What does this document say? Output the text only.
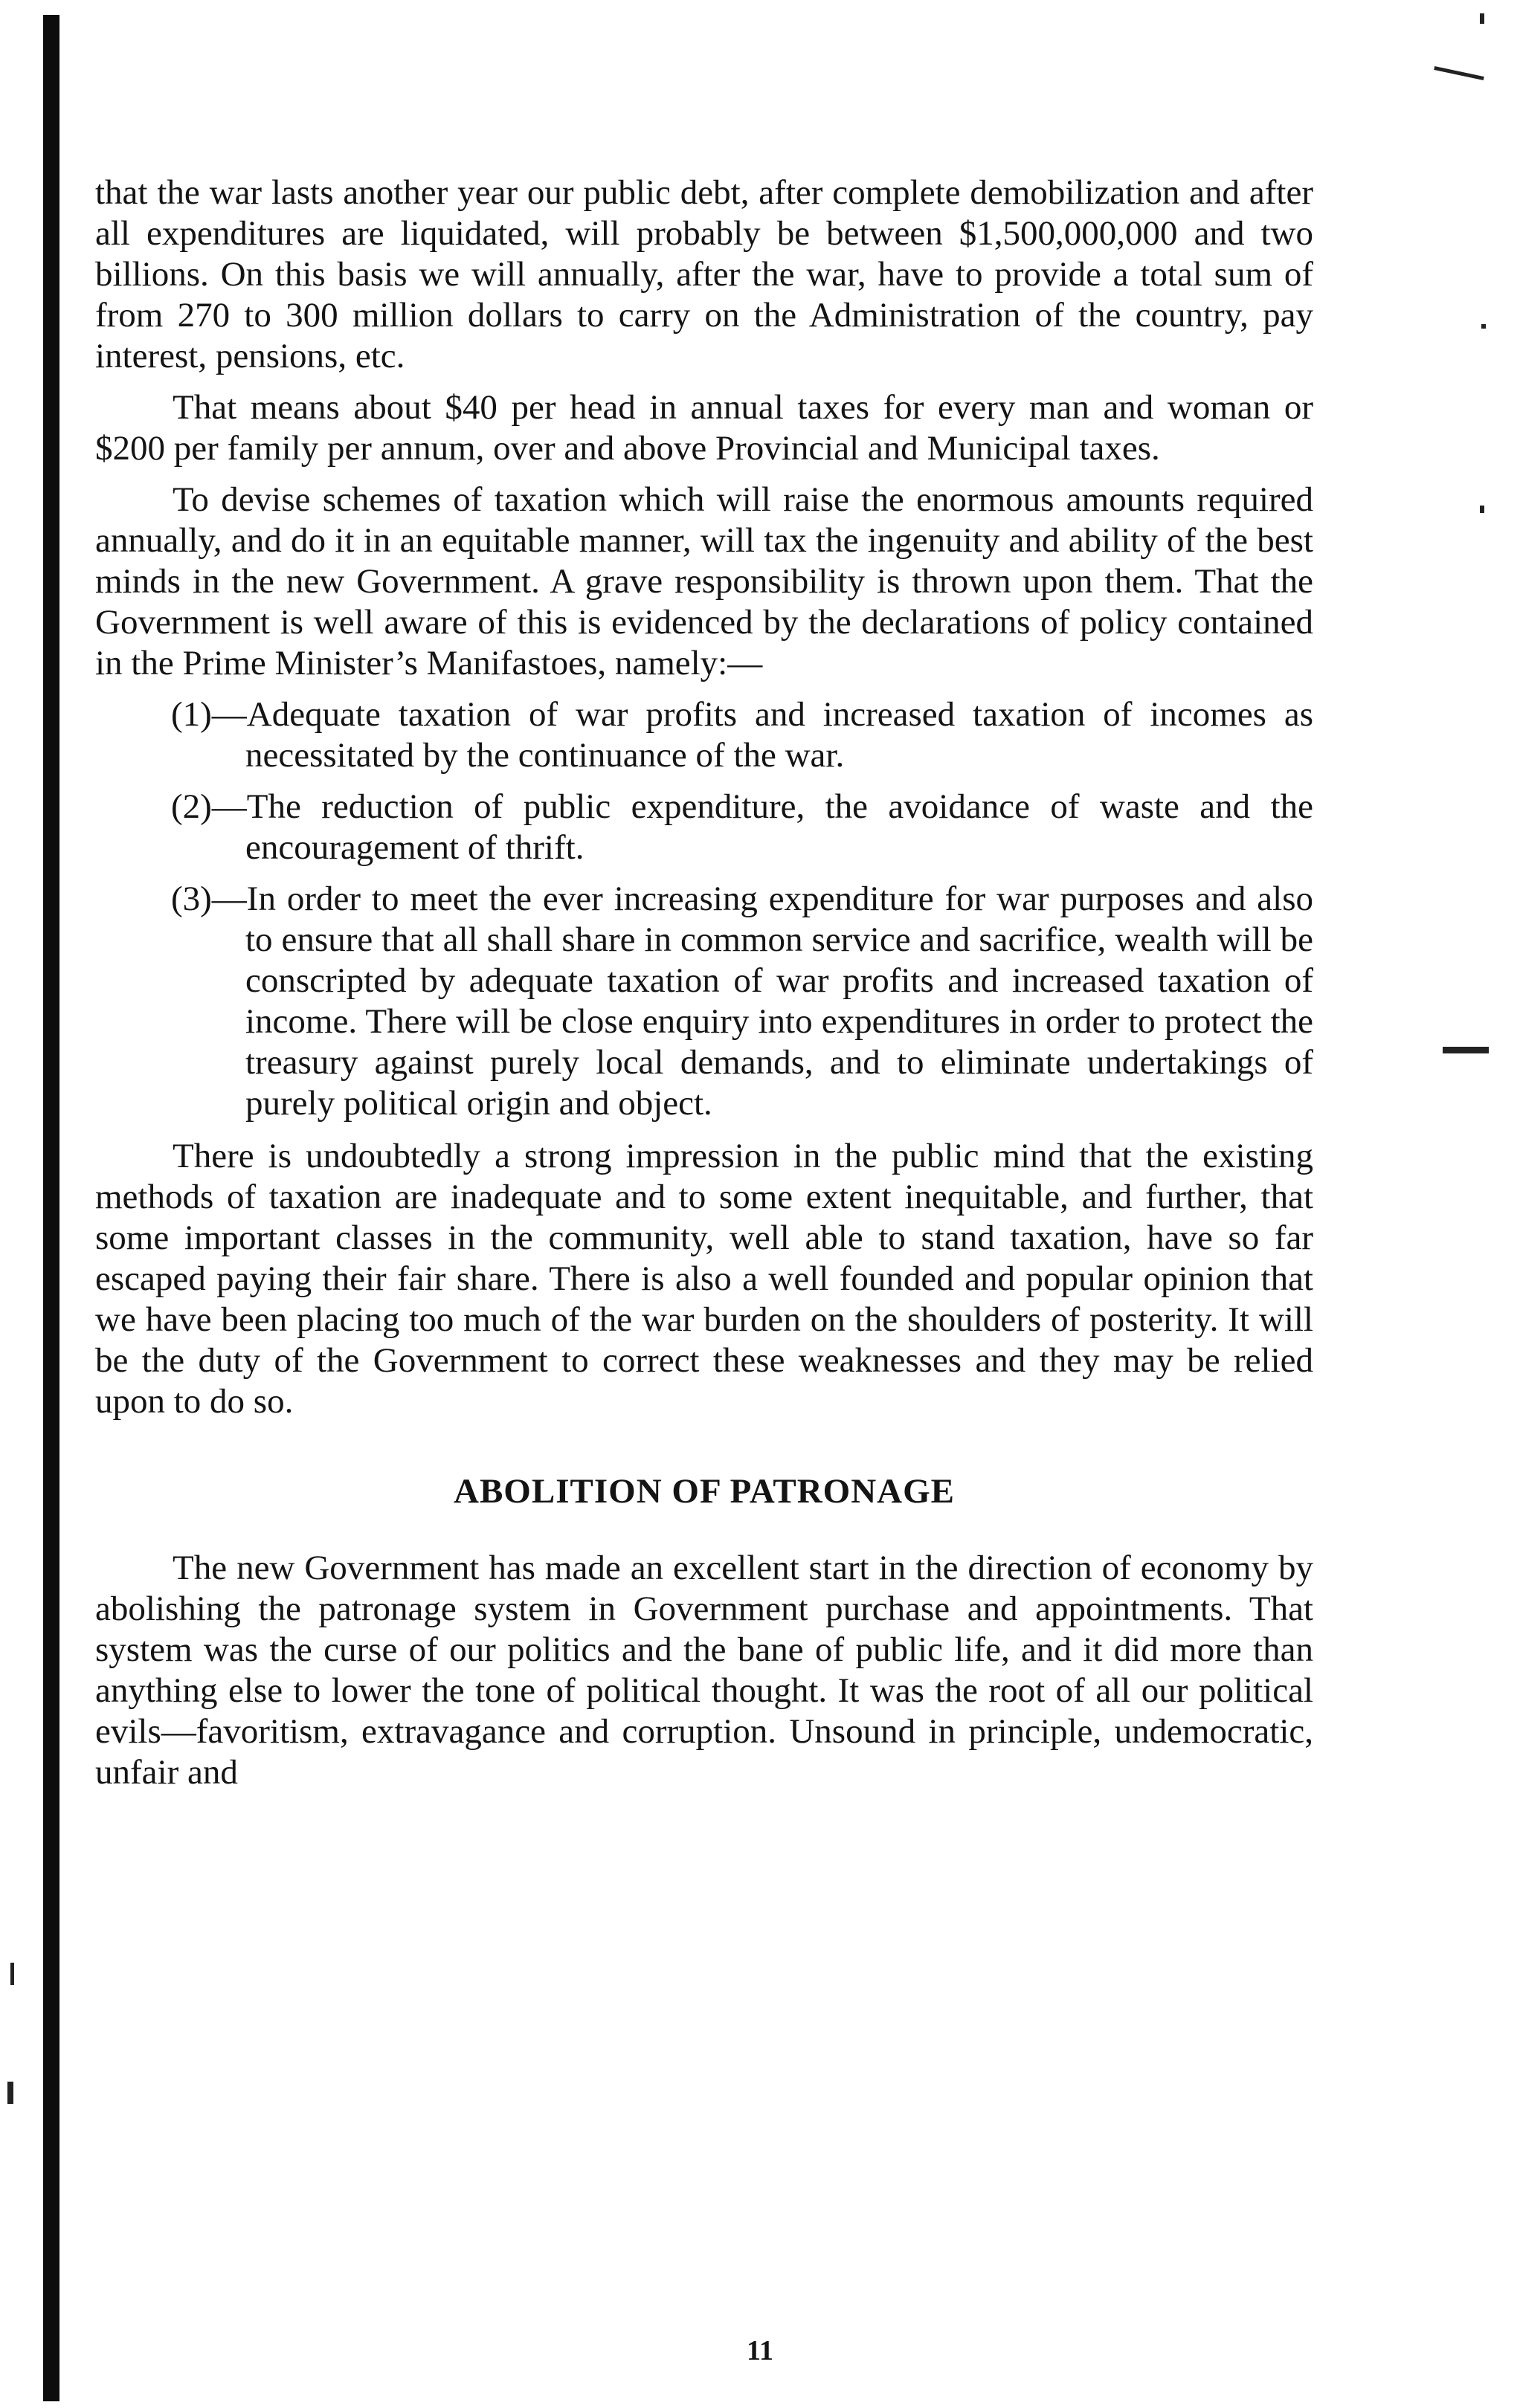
that the war lasts another year our public debt, after complete demobilization and after all expenditures are liquidated, will probably be between $1,500,000,000 and two billions. On this basis we will annually, after the war, have to provide a total sum of from 270 to 300 million dollars to carry on the Administration of the country, pay interest, pensions, etc.

That means about $40 per head in annual taxes for every man and woman or $200 per family per annum, over and above Provincial and Municipal taxes.

To devise schemes of taxation which will raise the enormous amounts required annually, and do it in an equitable manner, will tax the ingenuity and ability of the best minds in the new Government. A grave responsibility is thrown upon them. That the Government is well aware of this is evidenced by the declarations of policy contained in the Prime Minister’s Manifastoes, namely:—

(1)—Adequate taxation of war profits and increased taxation of incomes as necessitated by the continuance of the war.

(2)—The reduction of public expenditure, the avoidance of waste and the encouragement of thrift.

(3)—In order to meet the ever increasing expenditure for war purposes and also to ensure that all shall share in common service and sacrifice, wealth will be conscripted by adequate taxation of war profits and increased taxation of income. There will be close enquiry into expenditures in order to protect the treasury against purely local demands, and to eliminate undertakings of purely political origin and object.

There is undoubtedly a strong impression in the public mind that the existing methods of taxation are inadequate and to some extent inequitable, and further, that some important classes in the community, well able to stand taxation, have so far escaped paying their fair share. There is also a well founded and popular opinion that we have been placing too much of the war burden on the shoulders of posterity. It will be the duty of the Government to correct these weaknesses and they may be relied upon to do so.

ABOLITION OF PATRONAGE

The new Government has made an excellent start in the direction of economy by abolishing the patronage system in Government purchase and appointments. That system was the curse of our politics and the bane of public life, and it did more than anything else to lower the tone of political thought. It was the root of all our political evils—favoritism, extravagance and corruption. Unsound in principle, undemocratic, unfair and

11
